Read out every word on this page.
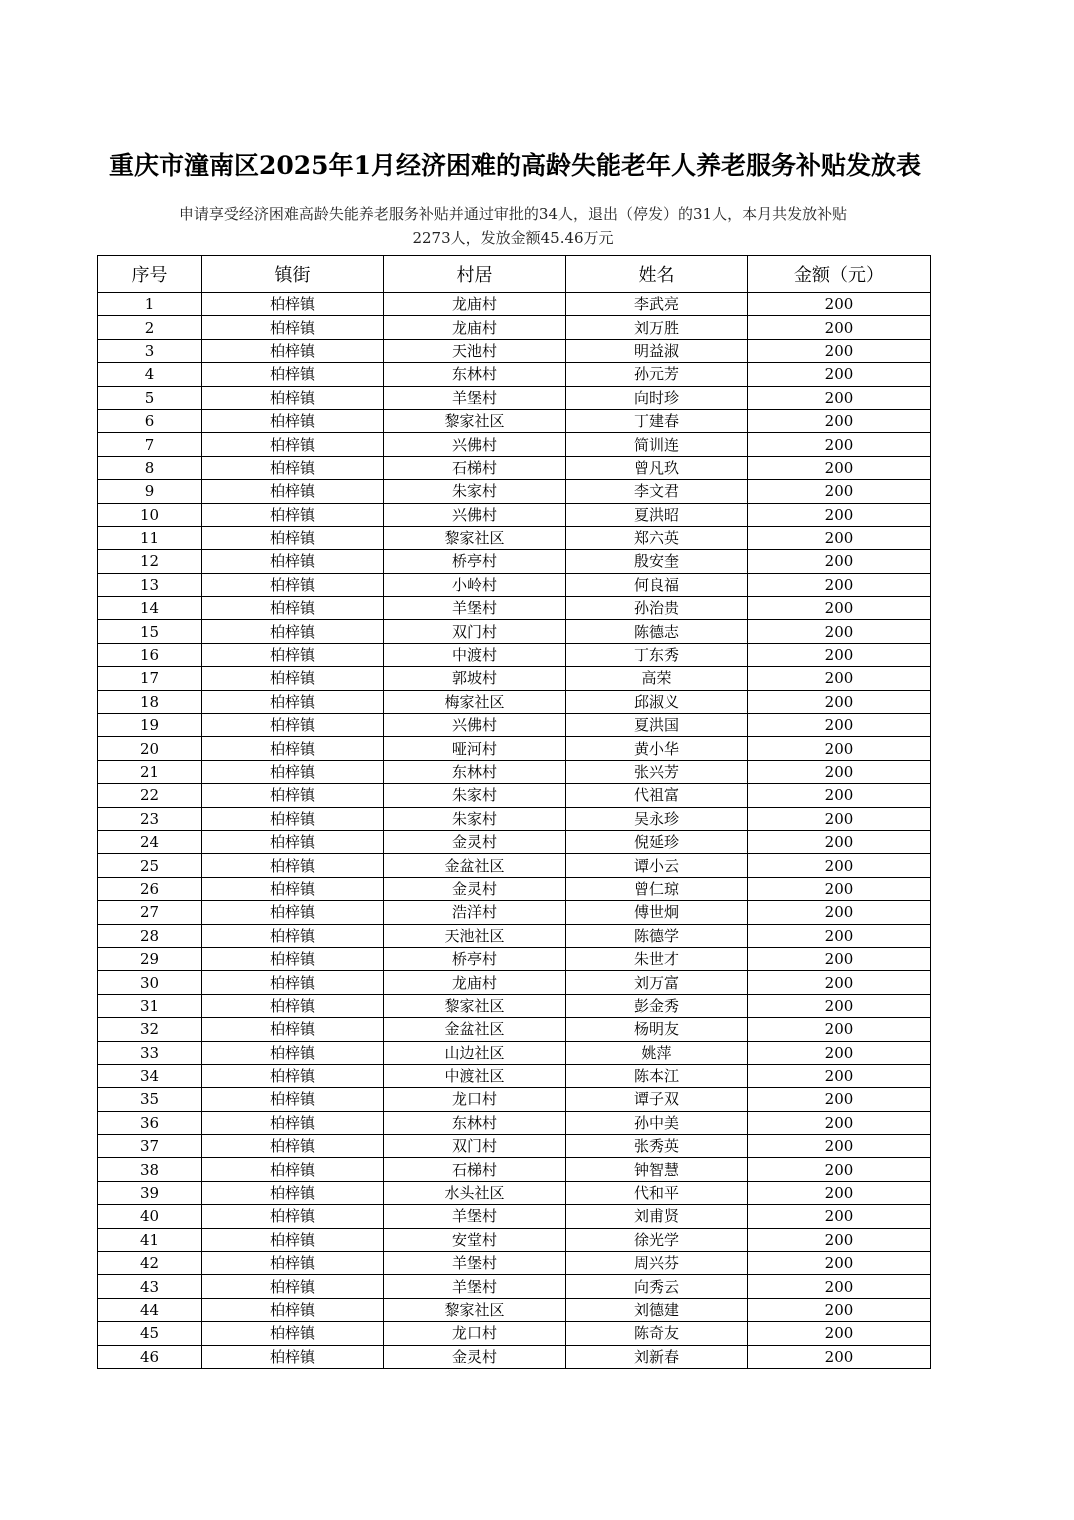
重庆市潼南区2025年1月经济困难的高龄失能老年人养老服务补贴发放表
申请享受经济困难高龄失能养老服务补贴并通过审批的34人，退出（停发）的31人，本月共发放补贴
2273人，发放金额45.46万元
序号	镇街	村居	姓名	金额（元）
1	柏梓镇	龙庙村	李武亮	200
2	柏梓镇	龙庙村	刘万胜	200
3	柏梓镇	天池村	明益淑	200
4	柏梓镇	东林村	孙元芳	200
5	柏梓镇	羊堡村	向时珍	200
6	柏梓镇	黎家社区	丁建春	200
7	柏梓镇	兴佛村	简训连	200
8	柏梓镇	石梯村	曾凡玖	200
9	柏梓镇	朱家村	李文君	200
10	柏梓镇	兴佛村	夏洪昭	200
11	柏梓镇	黎家社区	郑六英	200
12	柏梓镇	桥亭村	殷安奎	200
13	柏梓镇	小岭村	何良福	200
14	柏梓镇	羊堡村	孙治贵	200
15	柏梓镇	双门村	陈德志	200
16	柏梓镇	中渡村	丁东秀	200
17	柏梓镇	郭坡村	高荣	200
18	柏梓镇	梅家社区	邱淑义	200
19	柏梓镇	兴佛村	夏洪国	200
20	柏梓镇	哑河村	黄小华	200
21	柏梓镇	东林村	张兴芳	200
22	柏梓镇	朱家村	代祖富	200
23	柏梓镇	朱家村	吴永珍	200
24	柏梓镇	金灵村	倪延珍	200
25	柏梓镇	金盆社区	谭小云	200
26	柏梓镇	金灵村	曾仁琼	200
27	柏梓镇	浩洋村	傅世炯	200
28	柏梓镇	天池社区	陈德学	200
29	柏梓镇	桥亭村	朱世才	200
30	柏梓镇	龙庙村	刘万富	200
31	柏梓镇	黎家社区	彭金秀	200
32	柏梓镇	金盆社区	杨明友	200
33	柏梓镇	山边社区	姚萍	200
34	柏梓镇	中渡社区	陈本江	200
35	柏梓镇	龙口村	谭子双	200
36	柏梓镇	东林村	孙中美	200
37	柏梓镇	双门村	张秀英	200
38	柏梓镇	石梯村	钟智慧	200
39	柏梓镇	水头社区	代和平	200
40	柏梓镇	羊堡村	刘甫贤	200
41	柏梓镇	安堂村	徐光学	200
42	柏梓镇	羊堡村	周兴芬	200
43	柏梓镇	羊堡村	向秀云	200
44	柏梓镇	黎家社区	刘德建	200
45	柏梓镇	龙口村	陈奇友	200
46	柏梓镇	金灵村	刘新春	200
